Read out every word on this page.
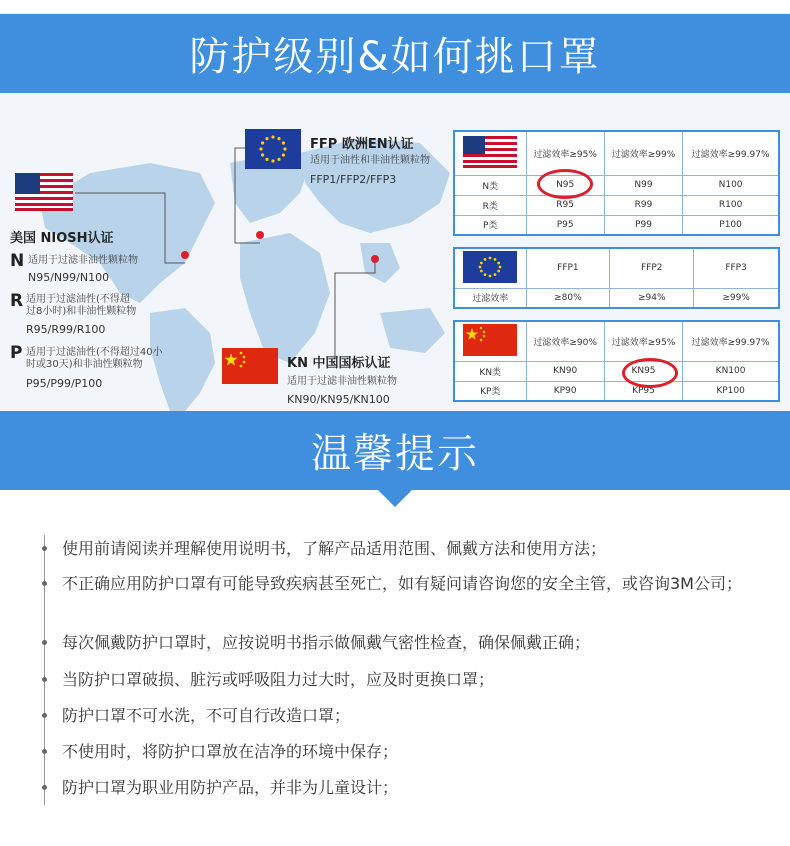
防护级别&如何挑口罩
美国 NIOSH认证
N 适用于过滤非油性颗粒物
N95/N99/N100
R 适用于过滤油性(不得超
过8小时)和非油性颗粒物
R95/R99/R100
P 适用于过滤油性(不得超过40小
时或30天)和非油性颗粒物
P95/P99/P100
FFP 欧洲EN认证
适用于油性和非油性颗粒物
FFP1/FFP2/FFP3
KN 中国国标认证
适用于过滤非油性颗粒物
KN90/KN95/KN100
	过滤效率≥95%	过滤效率≥99%	过滤效率≥99.97%
N类	N95	N99	N100
R类	R95	R99	R100
P类	P95	P99	P100
	FFP1	FFP2	FFP3
过滤效率	≥80%	≥94%	≥99%
	过滤效率≥90%	过滤效率≥95%	过滤效率≥99.97%
KN类	KN90	KN95	KN100
KP类	KP90	KP95	KP100
温馨提示
使用前请阅读并理解使用说明书，了解产品适用范围、佩戴方法和使用方法；
不正确应用防护口罩有可能导致疾病甚至死亡，如有疑问请咨询您的安全主管，或咨询3M公司；
每次佩戴防护口罩时，应按说明书指示做佩戴气密性检查，确保佩戴正确；
当防护口罩破损、脏污或呼吸阻力过大时，应及时更换口罩；
防护口罩不可水洗，不可自行改造口罩；
不使用时，将防护口罩放在洁净的环境中保存；
防护口罩为职业用防护产品，并非为儿童设计；
